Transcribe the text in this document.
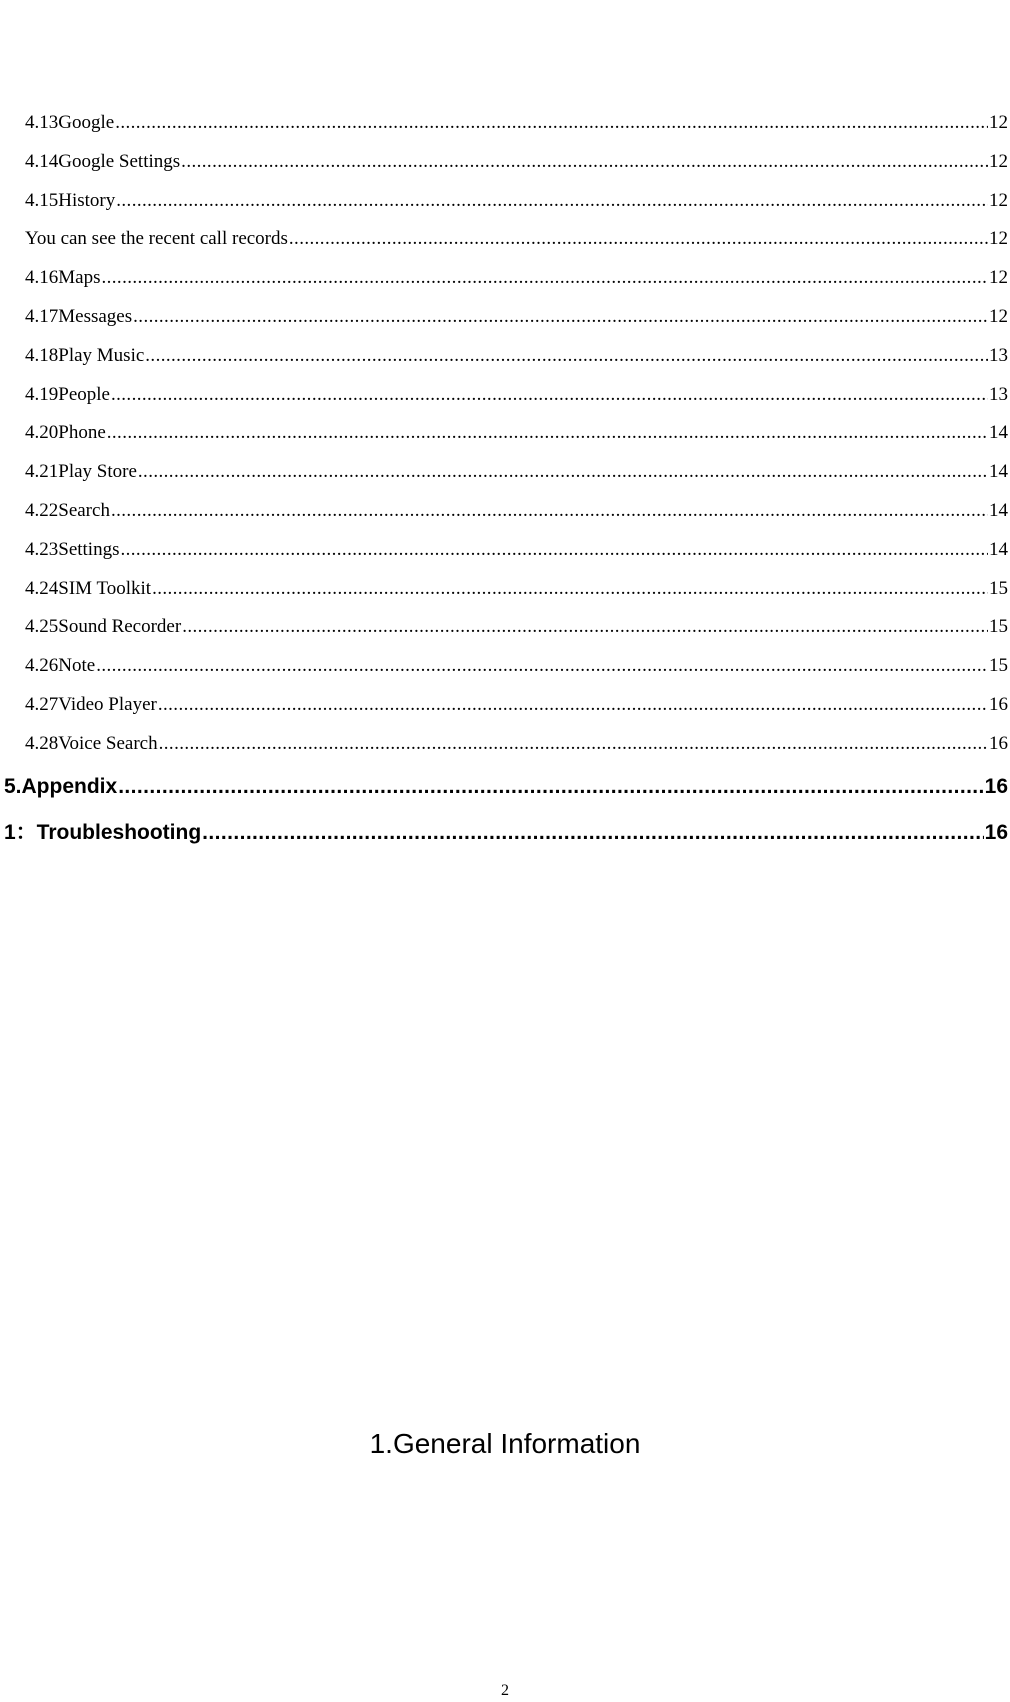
4.13Google .....	12
4.14Google Settings .....	12
4.15History .....	12
You can see the recent call records .....	12
4.16Maps .....	12
4.17Messages .....	12
4.18Play Music .....	13
4.19People .....	13
4.20Phone .....	14
4.21Play Store .....	14
4.22Search .....	14
4.23Settings .....	14
4.24SIM Toolkit .....	15
4.25Sound Recorder .....	15
4.26Note .....	15
4.27Video Player .....	16
4.28Voice Search .....	16
5.Appendix .....	16
1：Troubleshooting .....	16
1.General Information
2
